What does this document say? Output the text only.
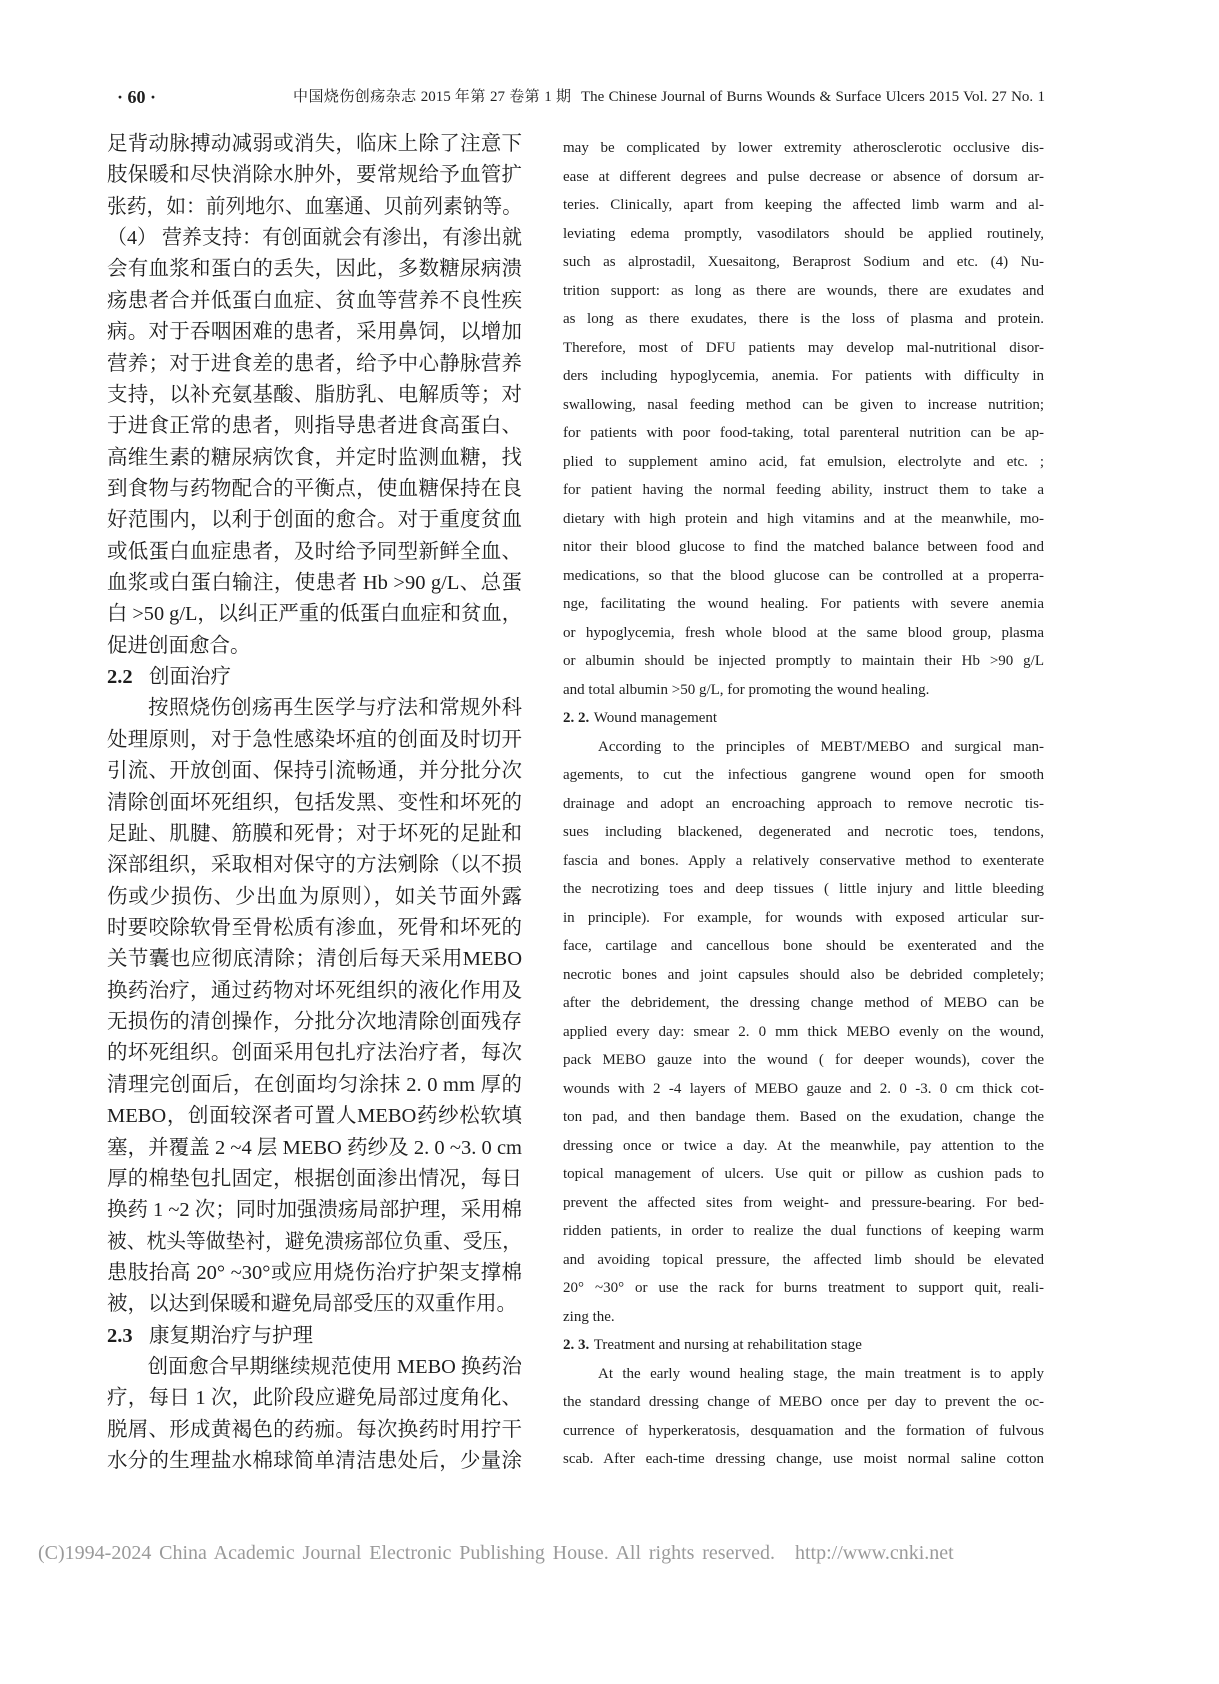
· 60 ·	中国烧伤创疡杂志 2015 年第 27 卷第 1 期 The Chinese Journal of Burns Wounds & Surface Ulcers 2015 Vol. 27 No. 1
足背动脉搏动减弱或消失，临床上除了注意下
肢保暖和尽快消除水肿外，要常规给予血管扩
张药，如：前列地尔、血塞通、贝前列素钠等。
（4） 营养支持：有创面就会有渗出，有渗出就
会有血浆和蛋白的丢失，因此，多数糖尿病溃
疡患者合并低蛋白血症、贫血等营养不良性疾
病。对于吞咽困难的患者，采用鼻饲，以增加
营养；对于进食差的患者，给予中心静脉营养
支持，以补充氨基酸、脂肪乳、电解质等；对
于进食正常的患者，则指导患者进食高蛋白、
高维生素的糖尿病饮食，并定时监测血糖，找
到食物与药物配合的平衡点，使血糖保持在良
好范围内，以利于创面的愈合。对于重度贫血
或低蛋白血症患者，及时给予同型新鲜全血、
血浆或白蛋白输注，使患者 Hb >90 g/L、总蛋
白 >50 g/L，以纠正严重的低蛋白血症和贫血，
促进创面愈合。
2.2 创面治疗
按照烧伤创疡再生医学与疗法和常规外科
处理原则，对于急性感染坏疽的创面及时切开
引流、开放创面、保持引流畅通，并分批分次
清除创面坏死组织，包括发黑、变性和坏死的
足趾、肌腱、筋膜和死骨；对于坏死的足趾和
深部组织，采取相对保守的方法剜除（以不损
伤或少损伤、少出血为原则），如关节面外露
时要咬除软骨至骨松质有渗血，死骨和坏死的
关节囊也应彻底清除；清创后每天采用MEBO
换药治疗，通过药物对坏死组织的液化作用及
无损伤的清创操作，分批分次地清除创面残存
的坏死组织。创面采用包扎疗法治疗者，每次
清理完创面后，在创面均匀涂抹 2. 0 mm 厚的
MEBO，创面较深者可置人MEBO药纱松软填
塞，并覆盖 2 ~4 层 MEBO 药纱及 2. 0 ~3. 0 cm
厚的棉垫包扎固定，根据创面渗出情况，每日
换药 1 ~2 次；同时加强溃疡局部护理，采用棉
被、枕头等做垫衬，避免溃疡部位负重、受压，
患肢抬高 20° ~30°或应用烧伤治疗护架支撑棉
被，以达到保暖和避免局部受压的双重作用。
2.3 康复期治疗与护理
创面愈合早期继续规范使用 MEBO 换药治
疗，每日 1 次，此阶段应避免局部过度角化、
脱屑、形成黄褐色的药痂。每次换药时用拧干
水分的生理盐水棉球简单清洁患处后，少量涂
may be complicated by lower extremity atherosclerotic occlusive dis-
ease at different degrees and pulse decrease or absence of dorsum ar-
teries. Clinically, apart from keeping the affected limb warm and al-
leviating edema promptly, vasodilators should be applied routinely,
such as alprostadil, Xuesaitong, Beraprost Sodium and etc. (4) Nu-
trition support: as long as there are wounds, there are exudates and
as long as there exudates, there is the loss of plasma and protein.
Therefore, most of DFU patients may develop mal-nutritional disor-
ders including hypoglycemia, anemia. For patients with difficulty in
swallowing, nasal feeding method can be given to increase nutrition;
for patients with poor food-taking, total parenteral nutrition can be ap-
plied to supplement amino acid, fat emulsion, electrolyte and etc. ;
for patient having the normal feeding ability, instruct them to take a
dietary with high protein and high vitamins and at the meanwhile, mo-
nitor their blood glucose to find the matched balance between food and
medications, so that the blood glucose can be controlled at a properra-
nge, facilitating the wound healing. For patients with severe anemia
or hypoglycemia, fresh whole blood at the same blood group, plasma
or albumin should be injected promptly to maintain their Hb >90 g/L
and total albumin >50 g/L, for promoting the wound healing.
2. 2. Wound management
According to the principles of MEBT/MEBO and surgical man-
agements, to cut the infectious gangrene wound open for smooth
drainage and adopt an encroaching approach to remove necrotic tis-
sues including blackened, degenerated and necrotic toes, tendons,
fascia and bones. Apply a relatively conservative method to exenterate
the necrotizing toes and deep tissues ( little injury and little bleeding
in principle). For example, for wounds with exposed articular sur-
face, cartilage and cancellous bone should be exenterated and the
necrotic bones and joint capsules should also be debrided completely;
after the debridement, the dressing change method of MEBO can be
applied every day: smear 2. 0 mm thick MEBO evenly on the wound,
pack MEBO gauze into the wound ( for deeper wounds), cover the
wounds with 2 -4 layers of MEBO gauze and 2. 0 -3. 0 cm thick cot-
ton pad, and then bandage them. Based on the exudation, change the
dressing once or twice a day. At the meanwhile, pay attention to the
topical management of ulcers. Use quit or pillow as cushion pads to
prevent the affected sites from weight- and pressure-bearing. For bed-
ridden patients, in order to realize the dual functions of keeping warm
and avoiding topical pressure, the affected limb should be elevated
20° ~30° or use the rack for burns treatment to support quit, reali-
zing the.
2. 3. Treatment and nursing at rehabilitation stage
At the early wound healing stage, the main treatment is to apply
the standard dressing change of MEBO once per day to prevent the oc-
currence of hyperkeratosis, desquamation and the formation of fulvous
scab. After each-time dressing change, use moist normal saline cotton
(C)1994-2024 China Academic Journal Electronic Publishing House. All rights reserved. http://www.cnki.net
